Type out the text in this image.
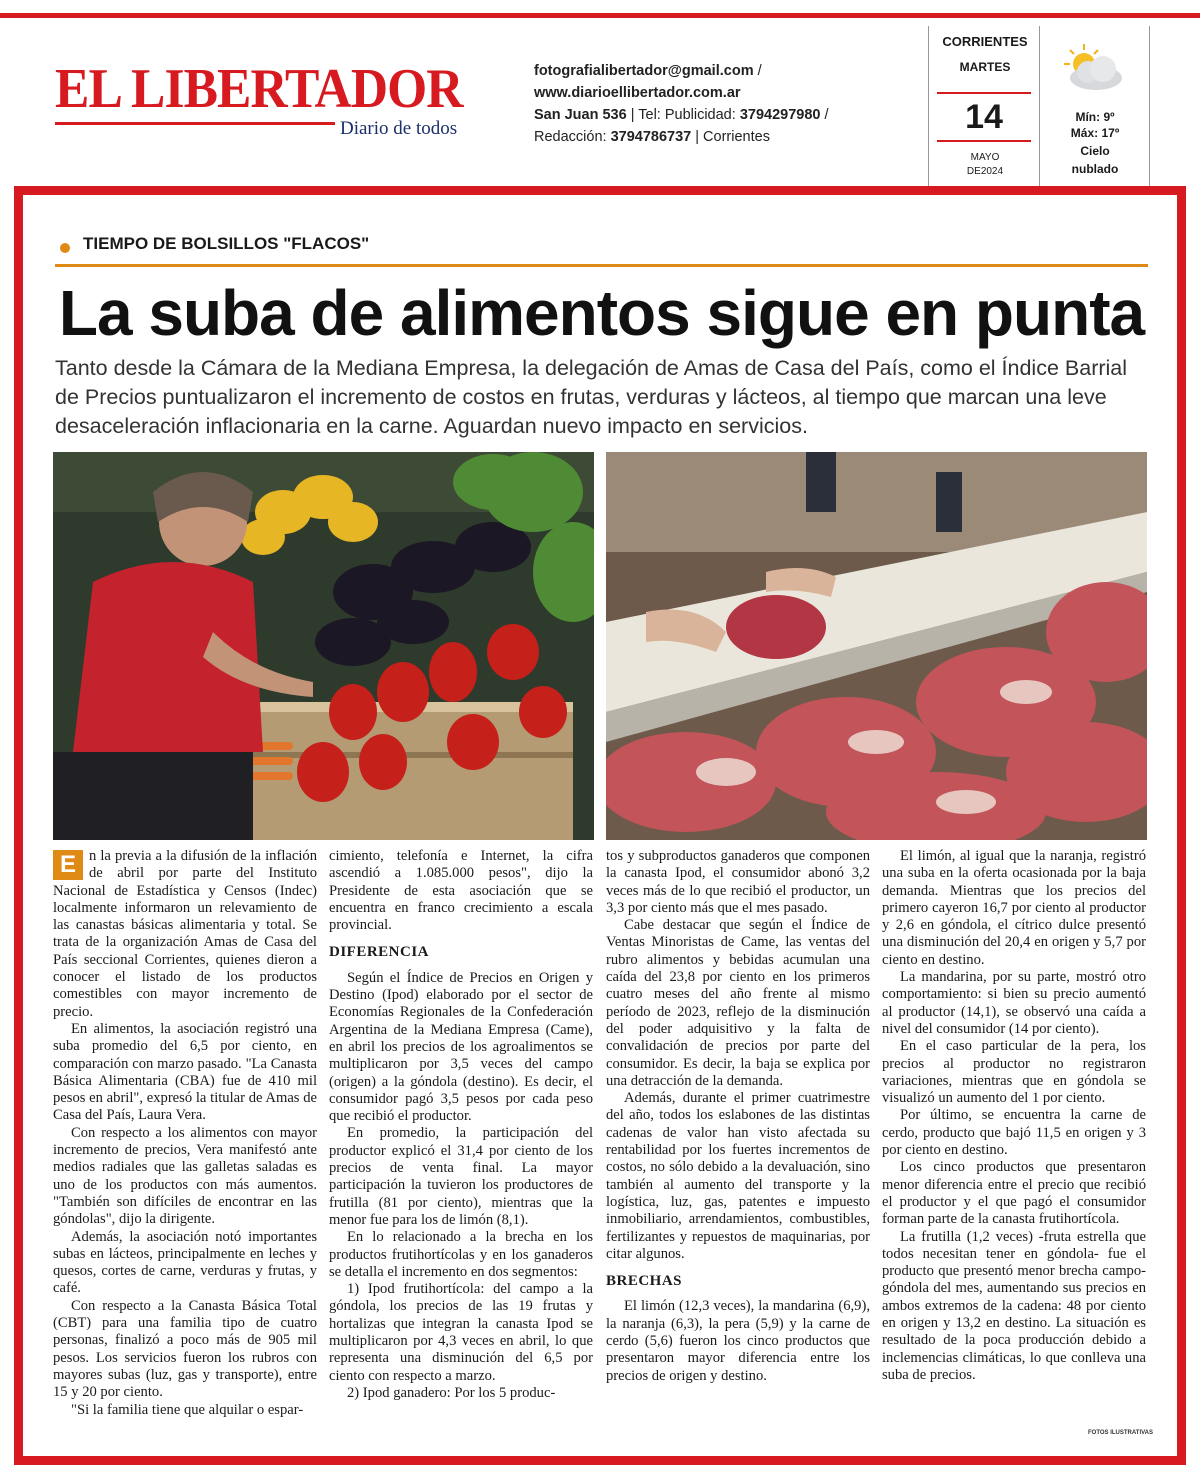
EL LIBERTADOR
Diario de todos
fotografialibertador@gmail.com /
www.diarioellibertador.com.ar
San Juan 536 | Tel: Publicidad: 3794297980 /
Redacción: 3794786737 | Corrientes
CORRIENTES
MARTES
14
MAYO
DE2024
Mín: 9º
Máx: 17º
Cielo
nublado
TIEMPO DE BOLSILLOS "FLACOS"
La suba de alimentos sigue en punta

Tanto desde la Cámara de la Mediana Empresa, la delegación de Amas de Casa del País, como el Índice Barrial de Precios puntualizaron el incremento de costos en frutas, verduras y lácteos, al tiempo que marcan una leve desaceleración inflacionaria en la carne. Aguardan nuevo impacto en servicios.

E n la previa a la difusión de la inflación de abril por parte del Instituto Nacional de Estadística y Censos (Indec) localmente informaron un relevamiento de las canastas básicas alimentaria y total. Se trata de la organización Amas de Casa del País seccional Corrientes, quienes dieron a conocer el listado de los productos comestibles con mayor incremento de precio.

En alimentos, la asociación registró una suba promedio del 6,5 por ciento, en comparación con marzo pasado. "La Canasta Básica Alimentaria (CBA) fue de 410 mil pesos en abril", expresó la titular de Amas de Casa del País, Laura Vera.

Con respecto a los alimentos con mayor incremento de precios, Vera manifestó ante medios radiales que las galletas saladas es uno de los productos con más aumentos. "También son difíciles de encontrar en las góndolas", dijo la dirigente.

Además, la asociación notó importantes subas en lácteos, principalmente en leches y quesos, cortes de carne, verduras y frutas, y café.

Con respecto a la Canasta Básica Total (CBT) para una familia tipo de cuatro personas, finalizó a poco más de 905 mil pesos. Los servicios fueron los rubros con mayores subas (luz, gas y transporte), entre 15 y 20 por ciento.

"Si la familia tiene que alquilar o espar-

cimiento, telefonía e Internet, la cifra ascendió a 1.085.000 pesos", dijo la Presidente de esta asociación que se encuentra en franco crecimiento a escala provincial.

DIFERENCIA

Según el Índice de Precios en Origen y Destino (Ipod) elaborado por el sector de Economías Regionales de la Confederación Argentina de la Mediana Empresa (Came), en abril los precios de los agroalimentos se multiplicaron por 3,5 veces del campo (origen) a la góndola (destino). Es decir, el consumidor pagó 3,5 pesos por cada peso que recibió el productor.

En promedio, la participación del productor explicó el 31,4 por ciento de los precios de venta final. La mayor participación la tuvieron los productores de frutilla (81 por ciento), mientras que la menor fue para los de limón (8,1).

En lo relacionado a la brecha en los productos frutihortícolas y en los ganaderos se detalla el incremento en dos segmentos:

1) Ipod frutihortícola: del campo a la góndola, los precios de las 19 frutas y hortalizas que integran la canasta Ipod se multiplicaron por 4,3 veces en abril, lo que representa una disminución del 6,5 por ciento con respecto a marzo.

2) Ipod ganadero: Por los 5 produc-

tos y subproductos ganaderos que componen la canasta Ipod, el consumidor abonó 3,2 veces más de lo que recibió el productor, un 3,3 por ciento más que el mes pasado.

Cabe destacar que según el Índice de Ventas Minoristas de Came, las ventas del rubro alimentos y bebidas acumulan una caída del 23,8 por ciento en los primeros cuatro meses del año frente al mismo período de 2023, reflejo de la disminución del poder adquisitivo y la falta de convalidación de precios por parte del consumidor. Es decir, la baja se explica por una detracción de la demanda.

Además, durante el primer cuatrimestre del año, todos los eslabones de las distintas cadenas de valor han visto afectada su rentabilidad por los fuertes incrementos de costos, no sólo debido a la devaluación, sino también al aumento del transporte y la logística, luz, gas, patentes e impuesto inmobiliario, arrendamientos, combustibles, fertilizantes y repuestos de maquinarias, por citar algunos.

BRECHAS

El limón (12,3 veces), la mandarina (6,9), la naranja (6,3), la pera (5,9) y la carne de cerdo (5,6) fueron los cinco productos que presentaron mayor diferencia entre los precios de origen y destino.

El limón, al igual que la naranja, registró una suba en la oferta ocasionada por la baja demanda. Mientras que los precios del primero cayeron 16,7 por ciento al productor y 2,6 en góndola, el cítrico dulce presentó una disminución del 20,4 en origen y 5,7 por ciento en destino.

La mandarina, por su parte, mostró otro comportamiento: si bien su precio aumentó al productor (14,1), se observó una caída a nivel del consumidor (14 por ciento).

En el caso particular de la pera, los precios al productor no registraron variaciones, mientras que en góndola se visualizó un aumento del 1 por ciento.

Por último, se encuentra la carne de cerdo, producto que bajó 11,5 en origen y 3 por ciento en destino.

Los cinco productos que presentaron menor diferencia entre el precio que recibió el productor y el que pagó el consumidor forman parte de la canasta frutihortícola.

La frutilla (1,2 veces) -fruta estrella que todos necesitan tener en góndola- fue el producto que presentó menor brecha campo-góndola del mes, aumentando sus precios en ambos extremos de la cadena: 48 por ciento en origen y 13,2 en destino. La situación es resultado de la poca producción debido a inclemencias climáticas, lo que conlleva una suba de precios.

FOTOS ILUSTRATIVAS
